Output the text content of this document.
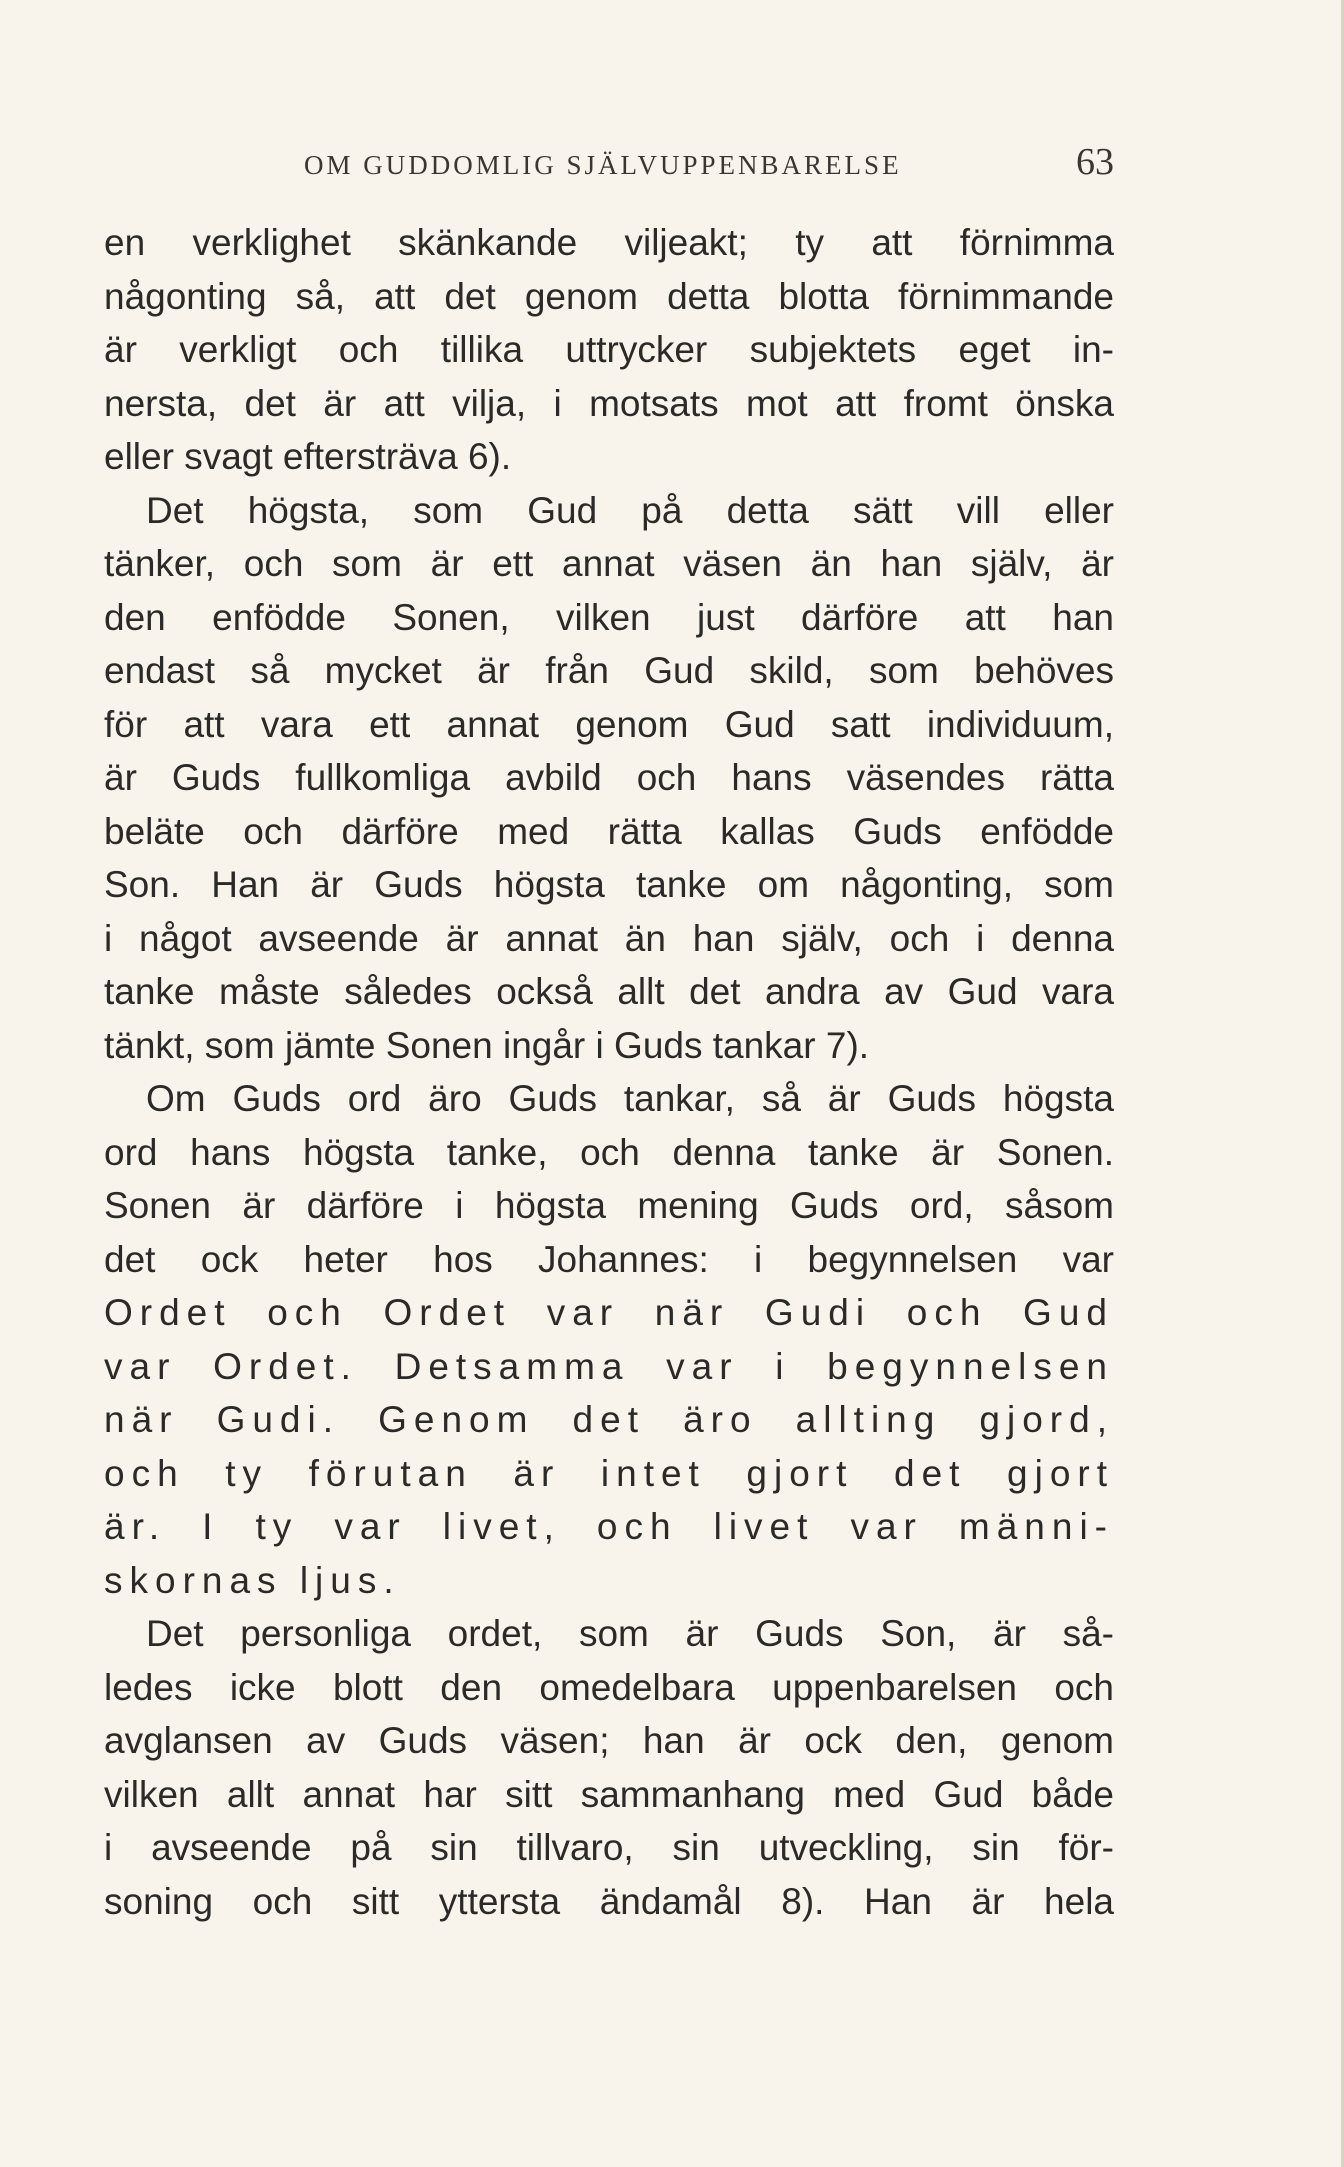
OM GUDDOMLIG SJÄLVUPPENBARELSE	63
en verklighet skänkande viljeakt; ty att förnimma
någonting så, att det genom detta blotta förnimmande
är verkligt och tillika uttrycker subjektets eget in-
nersta, det är att vilja, i motsats mot att fromt önska
eller svagt eftersträva 6).
Det högsta, som Gud på detta sätt vill eller
tänker, och som är ett annat väsen än han själv, är
den enfödde Sonen, vilken just därföre att han
endast så mycket är från Gud skild, som behöves
för att vara ett annat genom Gud satt individuum,
är Guds fullkomliga avbild och hans väsendes rätta
beläte och därföre med rätta kallas Guds enfödde
Son. Han är Guds högsta tanke om någonting, som
i något avseende är annat än han själv, och i denna
tanke måste således också allt det andra av Gud vara
tänkt, som jämte Sonen ingår i Guds tankar 7).
Om Guds ord äro Guds tankar, så är Guds högsta
ord hans högsta tanke, och denna tanke är Sonen.
Sonen är därföre i högsta mening Guds ord, såsom
det ock heter hos Johannes: i begynnelsen var
Ordet och Ordet var när Gudi och Gud
var Ordet. Detsamma var i begynnelsen
när Gudi. Genom det äro allting gjord,
och ty förutan är intet gjort det gjort
är. I ty var livet, och livet var männi-
skornas ljus.
Det personliga ordet, som är Guds Son, är så-
ledes icke blott den omedelbara uppenbarelsen och
avglansen av Guds väsen; han är ock den, genom
vilken allt annat har sitt sammanhang med Gud både
i avseende på sin tillvaro, sin utveckling, sin för-
soning och sitt yttersta ändamål 8). Han är hela
